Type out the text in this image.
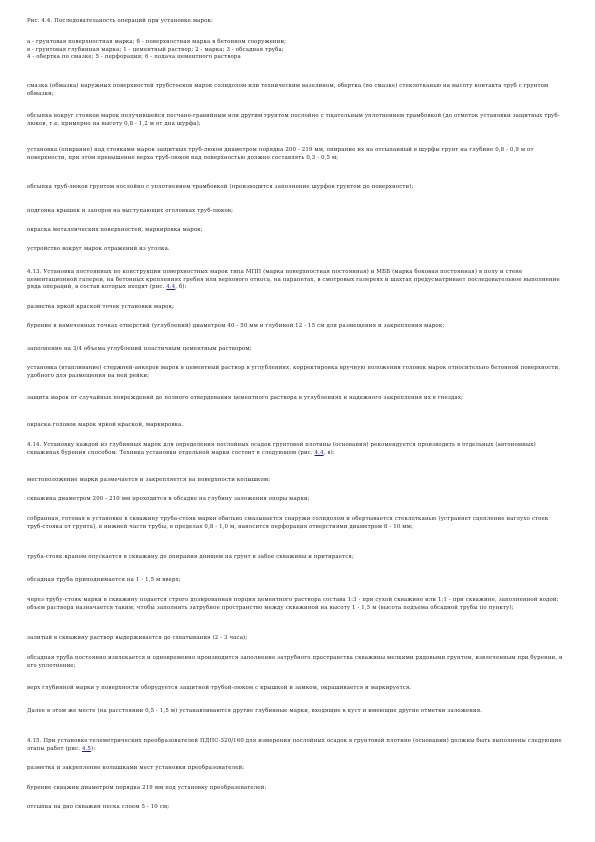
Рис. 4.4. Последовательность операций при установке марок:

а - грунтовая поверхностная марка; б - поверхностная марка в бетонном сооружении;
в - грунтовая глубинная марка; 1 - цементный раствор; 2 - марка; 3 - обсадная труба;
4 - обертка по смазке; 5 - перфорация; 6 - подача цементного раствора

смазка (обмазка) наружных поверхностей трубстоеков марок солидолом или техническим вазелином, обертка (по смазке) стеклотканью на высоту контакта труб с грунтом обмазки;

обсыпка вокруг стояков марок получившейся песчано-гравийным или другим грунтом послойно с тщательным уплотнением трамбовкой (до отметок установки защитных труб-люков, т.е. примерно на высоту 0,8 - 1,2 м от дна шурфа);

установка (опирание) над стояками марок защитных труб-люков диаметром порядка 200 - 219 мм, опирание их на отсыпанный в шурфы грунт на глубине 0,8 - 0,9 м от поверхности, при этом превышение верха труб-люков над поверхностью должно составлять 0,3 - 0,5 м;

обсыпка труб-люков грунтом послойно с уплотнением трамбовкой (производится заполнение шурфов грунтом до поверхности);

подгонка крышек и запоров на выступающих оголовках труб-люков;

окраска металлических поверхностей, маркировка марок;

устройство вокруг марок отражений из уголка.

4.13. Установка постоянных по конструкции поверхностных марок типа МПП (марка поверхностная постоянная) и МББ (марка боковая постоянная) в полу и стене цементационной галереи, на бетонных креплениях гребня или верхового откоса, на парапетах, в смотровых галереях и шахтах предусматривает последовательное выполнение ряда операций, в состав которых входят (рис. 4.4, б):

разметка яркой краской точек установки марок;

бурение в намеченных точках отверстий (углублений) диаметром 40 - 50 мм и глубиной 12 - 15 см для размещения и закрепления марок;

заполнение на 3/4 объема углублений пластичным цементным раствором;

установка (втапливание) стержней-анкеров марок в цементный раствор в углублениях, корректировка вручную положения головок марок относительно бетонной поверхности, удобного для размещения на ней рейки;

защита марок от случайных повреждений до полного отвердевания цементного раствора в углублениях и надежного закрепления их в гнездах;

окраска головок марок яркой краской, маркировка.

4.14. Установку каждой из глубинных марок для определения послойных осадок грунтовой плотины (основания) рекомендуется производить в отдельных (автономных) скважинах бурения способом. Техника установки отдельной марки состоит в следующем (рис. 4.4, в):

местоположение марки размечается и закрепляется на поверхности колышком;

скважина диаметром 200 - 210 мм проходится в обсадке на глубину заложения опоры марки;

собранная, готовая к установке в скважину труба-стояк марки обильно смазывается снаружи солидолом и обертывается стеклотканью (устраняет сцепление наглухо стоек труб-стояка от грунта), в нижней части трубы, в пределах 0,8 - 1,0 м, наносится перфорация отверстиями диаметром 8 - 10 мм;

труба-стояк краном опускается в скважину до опирания днищем на грунт в забое скважины и притирается;

обсадная труба приподнимается на 1 - 1,5 м вверх;

через трубу-стояк марки в скважину подается строго дозированная порция цементного раствора состава 1:3 - при сухой скважине или 1:1 - при скважине, заполненной водой; объем раствора назначается таким, чтобы заполнить затрубное пространство между скважиной на высоту 1 - 1,5 м (высота подъема обсадной трубы по пункту);

залитый в скважину раствор выдерживается до схватывания (2 - 3 часа);

обсадная труба постоянно извлекается и одновременно производится заполнение затрубного пространства скважины мелкими рядовыми грунтом, извлеченным при бурении, и его уплотнение;

верх глубинной марки у поверхности оборудуется защитной трубой-люком с крышкой и замком, окрашивается и маркируется.

Далее в этом же месте (на расстоянии 0,5 - 1,5 м) устанавливаются другие глубинные марки, входящие в куст и имеющие другие отметки заложения.

4.15. При установке телеметрических преобразователей ПДПС-320/160 для измерения послойных осадок в грунтовой плотине (основании) должны быть выполнены следующие этапы работ (рис. 4.5):

разметка и закрепление колышками мест установки преобразователей;

бурение скважин диаметром порядка 219 мм под установку преобразователей;

отсыпка на дно скважин песка слоем 5 - 10 см;
